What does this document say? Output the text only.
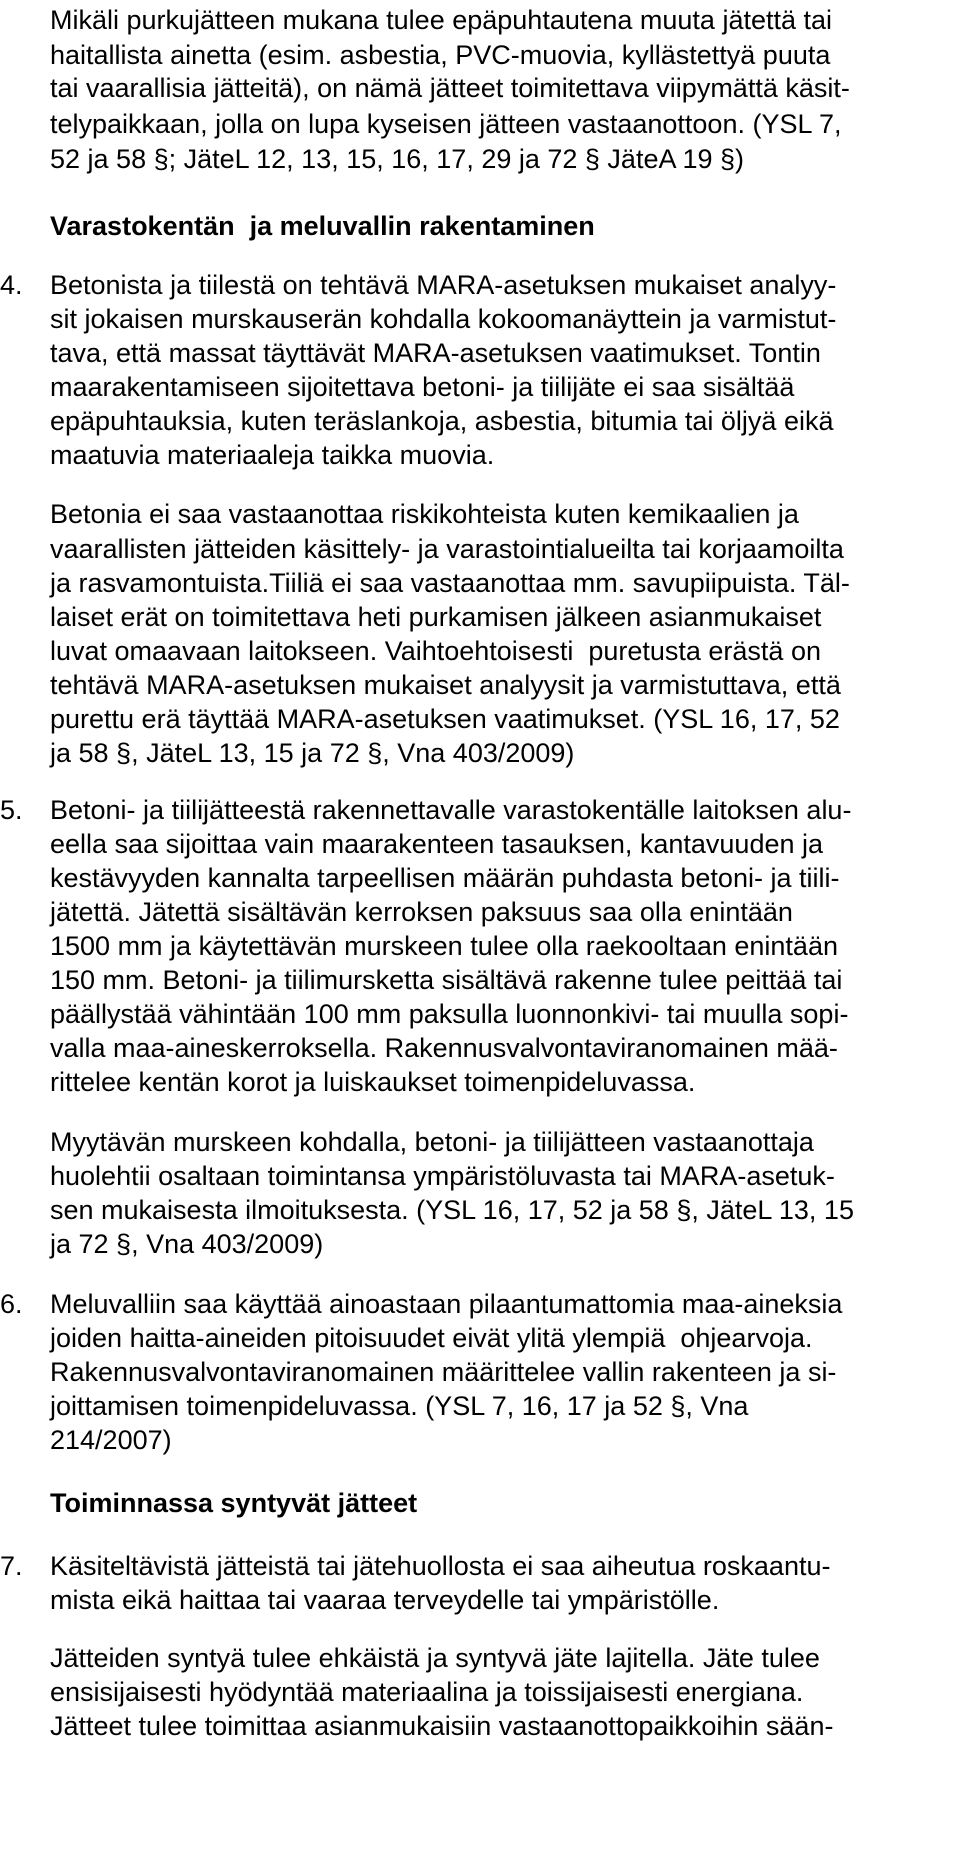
Mikäli purkujätteen mukana tulee epäpuhtautena muuta jätettä tai
haitallista ainetta (esim. asbestia, PVC-muovia, kyllästettyä puuta
tai vaarallisia jätteitä), on nämä jätteet toimitettava viipymättä käsit-
telypaikkaan, jolla on lupa kyseisen jätteen vastaanottoon. (YSL 7,
52 ja 58 §; JäteL 12, 13, 15, 16, 17, 29 ja 72 § JäteA 19 §)
Varastokentän  ja meluvallin rakentaminen
4. Betonista ja tiilestä on tehtävä MARA-asetuksen mukaiset analyy-
sit jokaisen murskauserän kohdalla kokoomanäyttein ja varmistut-
tava, että massat täyttävät MARA-asetuksen vaatimukset. Tontin
maarakentamiseen sijoitettava betoni- ja tiilijäte ei saa sisältää
epäpuhtauksia, kuten teräslankoja, asbestia, bitumia tai öljyä eikä
maatuvia materiaaleja taikka muovia.
Betonia ei saa vastaanottaa riskikohteista kuten kemikaalien ja
vaarallisten jätteiden käsittely- ja varastointialueilta tai korjaamoilta
ja rasvamontuista.Tiiliä ei saa vastaanottaa mm. savupiipuista. Täl-
laiset erät on toimitettava heti purkamisen jälkeen asianmukaiset
luvat omaavaan laitokseen. Vaihtoehtoisesti  puretusta erästä on
tehtävä MARA-asetuksen mukaiset analyysit ja varmistuttava, että
purettu erä täyttää MARA-asetuksen vaatimukset. (YSL 16, 17, 52
ja 58 §, JäteL 13, 15 ja 72 §, Vna 403/2009)
5. Betoni- ja tiilijätteestä rakennettavalle varastokentälle laitoksen alu-
eella saa sijoittaa vain maarakenteen tasauksen, kantavuuden ja
kestävyyden kannalta tarpeellisen määrän puhdasta betoni- ja tiili-
jätettä. Jätettä sisältävän kerroksen paksuus saa olla enintään
1500 mm ja käytettävän murskeen tulee olla raekooltaan enintään
150 mm. Betoni- ja tiilimursketta sisältävä rakenne tulee peittää tai
päällystää vähintään 100 mm paksulla luonnonkivi- tai muulla sopi-
valla maa-aineskerroksella. Rakennusvalvontaviranomainen mää-
rittelee kentän korot ja luiskaukset toimenpideluvassa.
Myytävän murskeen kohdalla, betoni- ja tiilijätteen vastaanottaja
huolehtii osaltaan toimintansa ympäristöluvasta tai MARA-asetuk-
sen mukaisesta ilmoituksesta. (YSL 16, 17, 52 ja 58 §, JäteL 13, 15
ja 72 §, Vna 403/2009)
6. Meluvalliin saa käyttää ainoastaan pilaantumattomia maa-aineksia
joiden haitta-aineiden pitoisuudet eivät ylitä ylempiä  ohjearvoja.
Rakennusvalvontaviranomainen määrittelee vallin rakenteen ja si-
joittamisen toimenpideluvassa. (YSL 7, 16, 17 ja 52 §, Vna
214/2007)
Toiminnassa syntyvät jätteet
7. Käsiteltävistä jätteistä tai jätehuollosta ei saa aiheutua roskaantu-
mista eikä haittaa tai vaaraa terveydelle tai ympäristölle.
Jätteiden syntyä tulee ehkäistä ja syntyvä jäte lajitella. Jäte tulee
ensisijaisesti hyödyntää materiaalina ja toissijaisesti energiana.
Jätteet tulee toimittaa asianmukaisiin vastaanottopaikkoihin sään-
